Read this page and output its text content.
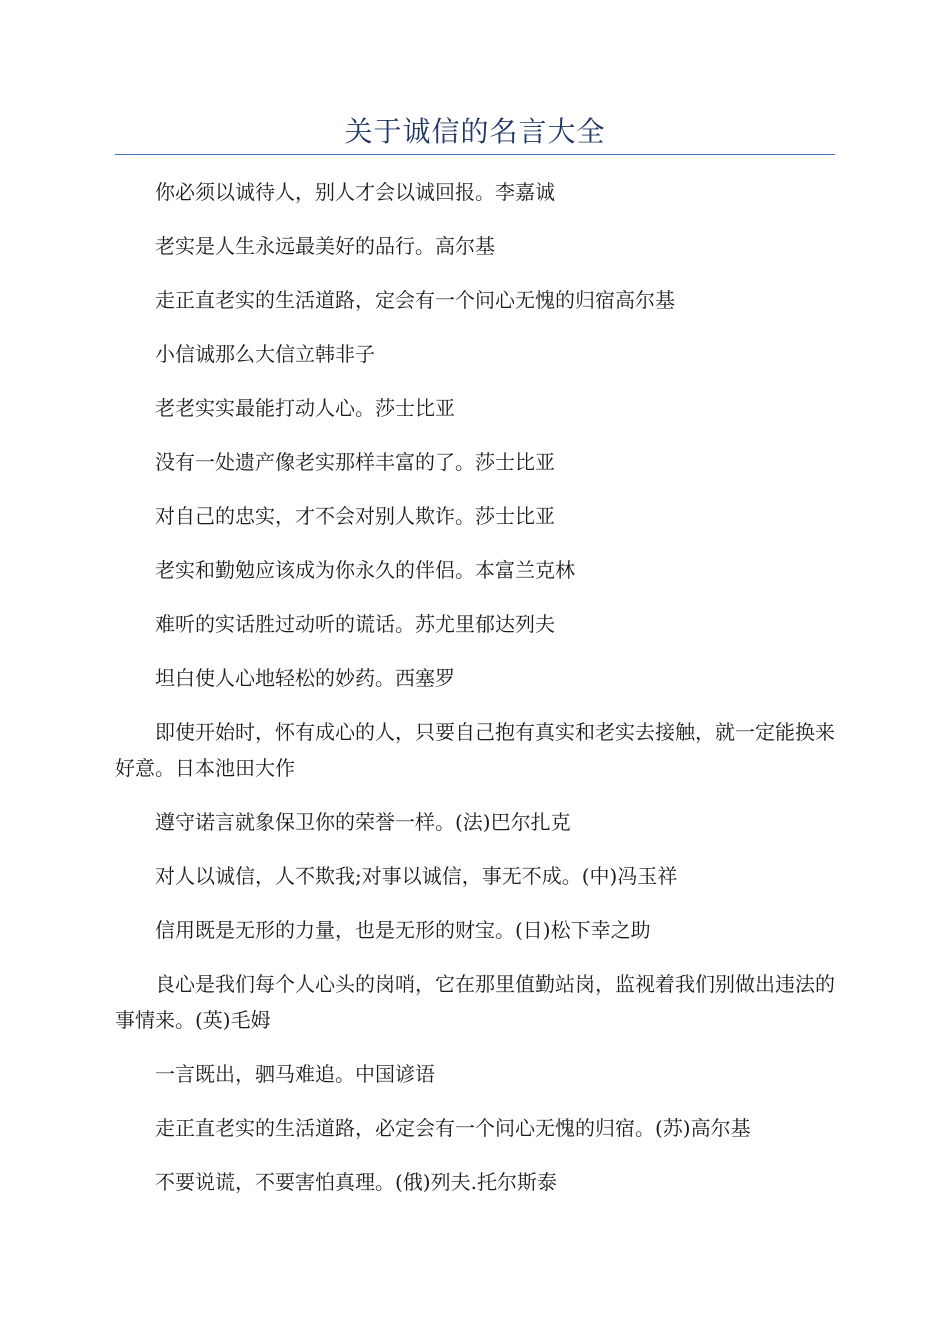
关于诚信的名言大全

你必须以诚待人，别人才会以诚回报。李嘉诚

老实是人生永远最美好的品行。高尔基

走正直老实的生活道路，定会有一个问心无愧的归宿高尔基

小信诚那么大信立韩非子

老老实实最能打动人心。莎士比亚

没有一处遗产像老实那样丰富的了。莎士比亚

对自己的忠实，才不会对别人欺诈。莎士比亚

老实和勤勉应该成为你永久的伴侣。本富兰克林

难听的实话胜过动听的谎话。苏尤里郁达列夫

坦白使人心地轻松的妙药。西塞罗

即使开始时，怀有成心的人，只要自己抱有真实和老实去接触，就一定能换来好意。日本池田大作

遵守诺言就象保卫你的荣誉一样。(法)巴尔扎克

对人以诚信，人不欺我;对事以诚信，事无不成。(中)冯玉祥

信用既是无形的力量，也是无形的财宝。(日)松下幸之助

良心是我们每个人心头的岗哨，它在那里值勤站岗，监视着我们别做出违法的事情来。(英)毛姆

一言既出，驷马难追。中国谚语

走正直老实的生活道路，必定会有一个问心无愧的归宿。(苏)高尔基

不要说谎，不要害怕真理。(俄)列夫.托尔斯泰
